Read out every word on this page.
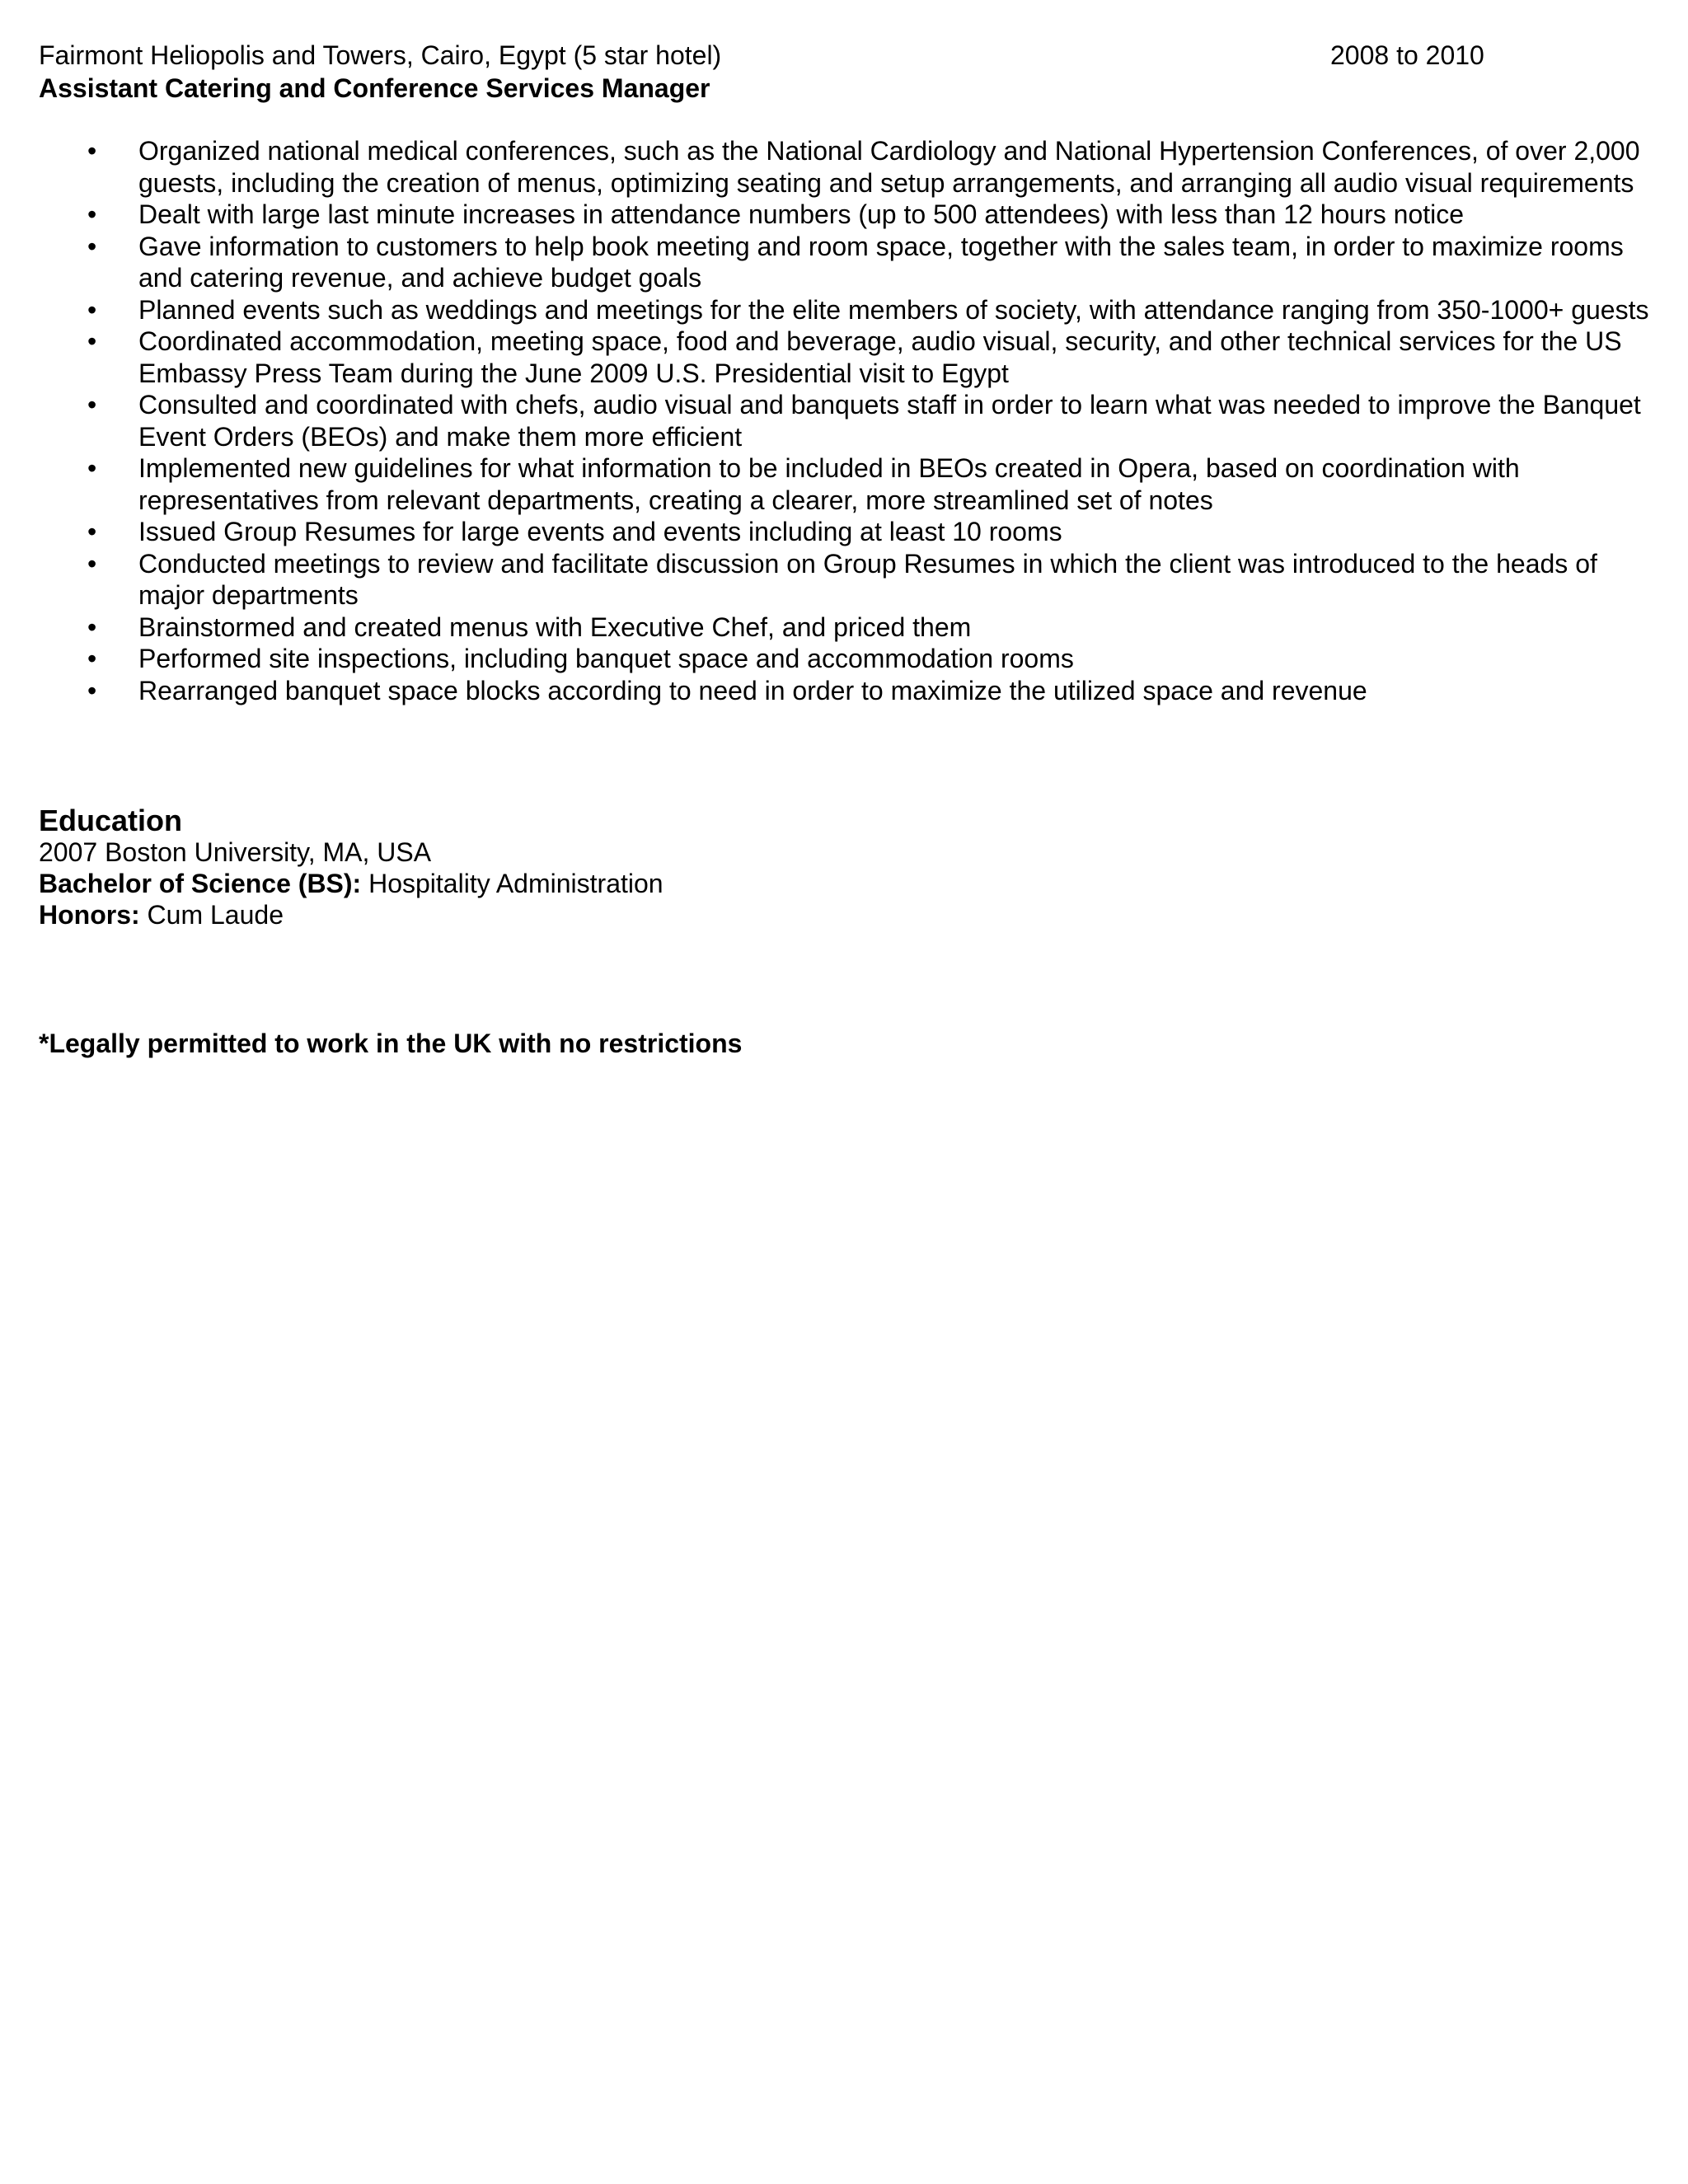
Fairmont Heliopolis and Towers, Cairo, Egypt (5 star hotel)	2008 to 2010
Assistant Catering and Conference Services Manager
• Organized national medical conferences, such as the National Cardiology and National Hypertension Conferences, of over 2,000 guests, including the creation of menus, optimizing seating and setup arrangements, and arranging all audio visual requirements
• Dealt with large last minute increases in attendance numbers (up to 500 attendees) with less than 12 hours notice
• Gave information to customers to help book meeting and room space, together with the sales team, in order to maximize rooms and catering revenue, and achieve budget goals
• Planned events such as weddings and meetings for the elite members of society, with attendance ranging from 350-1000+ guests
• Coordinated accommodation, meeting space, food and beverage, audio visual, security, and other technical services for the US Embassy Press Team during the June 2009 U.S. Presidential visit to Egypt
• Consulted and coordinated with chefs, audio visual and banquets staff in order to learn what was needed to improve the Banquet Event Orders (BEOs) and make them more efficient
• Implemented new guidelines for what information to be included in BEOs created in Opera, based on coordination with representatives from relevant departments, creating a clearer, more streamlined set of notes
• Issued Group Resumes for large events and events including at least 10 rooms
• Conducted meetings to review and facilitate discussion on Group Resumes in which the client was introduced to the heads of major departments
• Brainstormed and created menus with Executive Chef, and priced them
• Performed site inspections, including banquet space and accommodation rooms
• Rearranged banquet space blocks according to need in order to maximize the utilized space and revenue
Education
2007 Boston University, MA, USA
Bachelor of Science (BS): Hospitality Administration
Honors: Cum Laude
*Legally permitted to work in the UK with no restrictions
